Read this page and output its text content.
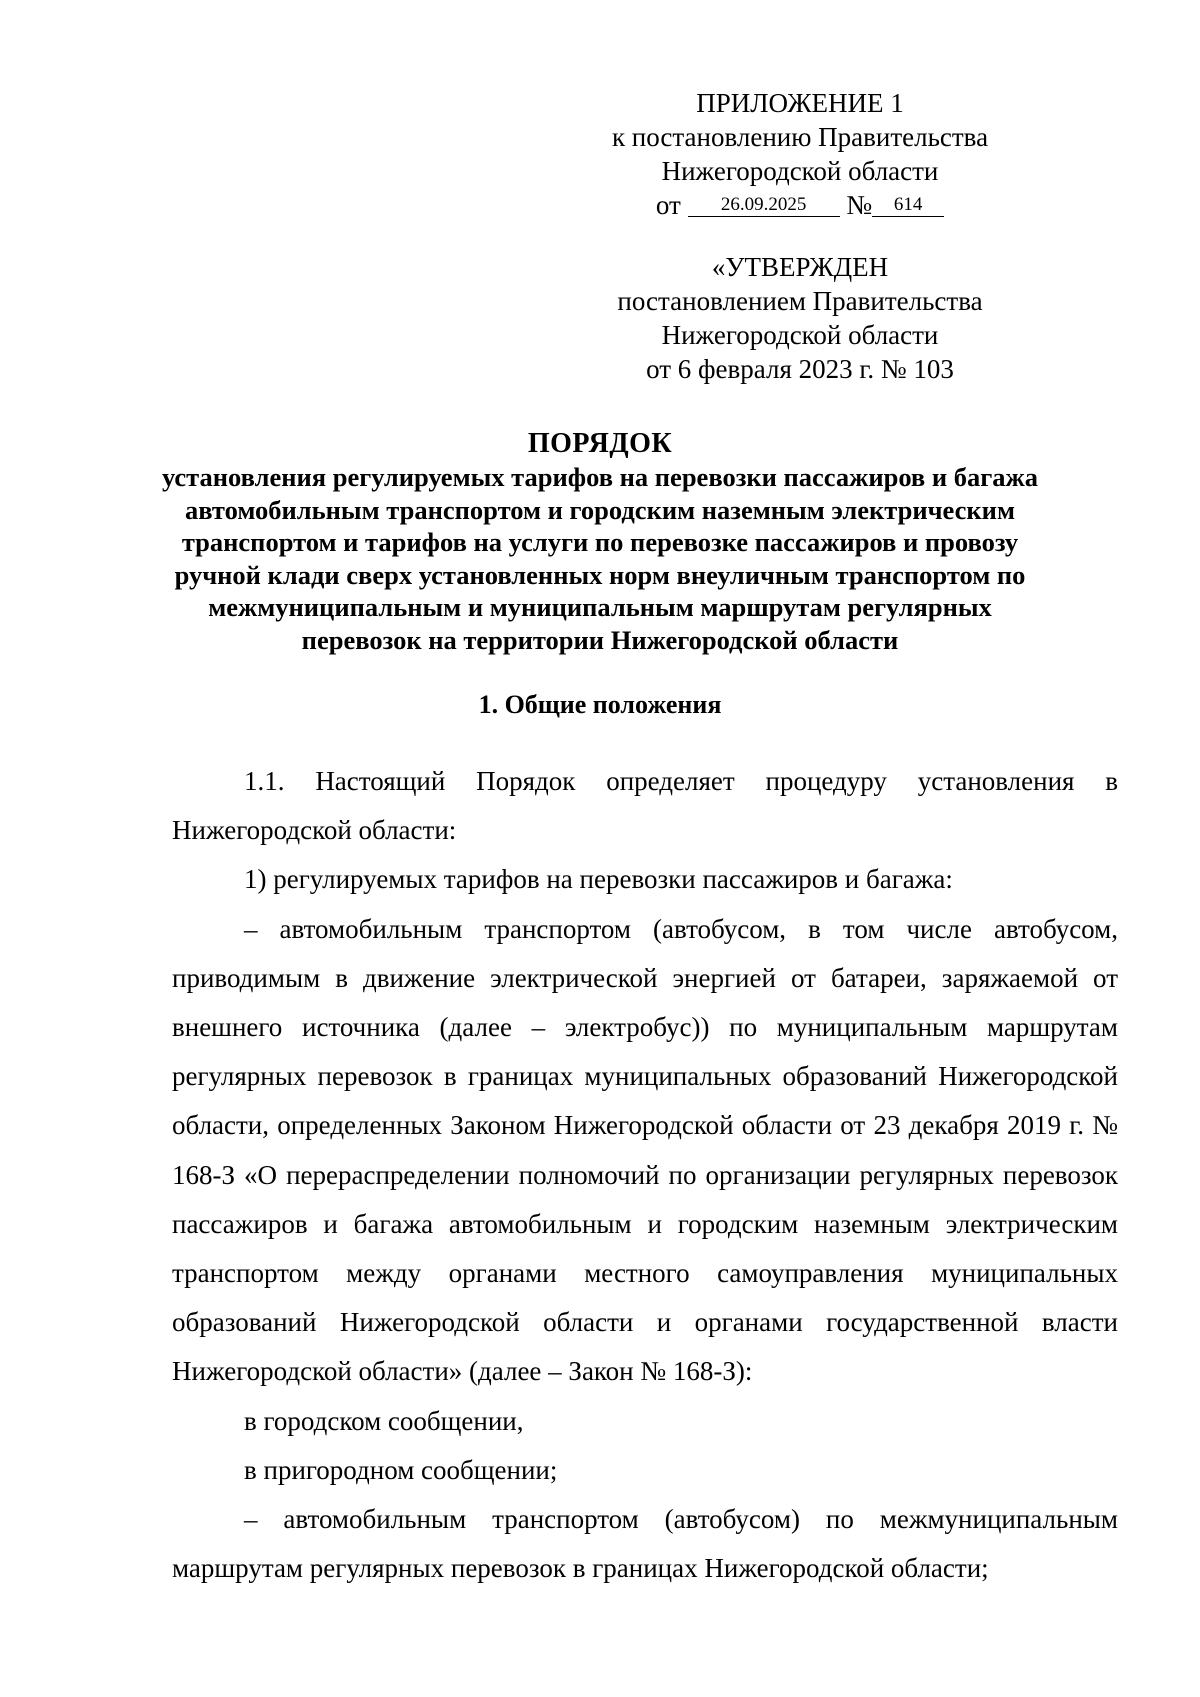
ПРИЛОЖЕНИЕ 1
к постановлению Правительства
Нижегородской области
от 26.09.2025 № 614
«УТВЕРЖДЕН
постановлением Правительства
Нижегородской области
от 6 февраля 2023 г. № 103
ПОРЯДОК
установления регулируемых тарифов на перевозки пассажиров и багажа
автомобильным транспортом и городским наземным электрическим
транспортом и тарифов на услуги по перевозке пассажиров и провозу
ручной клади сверх установленных норм внеуличным транспортом по
межмуниципальным и муниципальным маршрутам регулярных
перевозок на территории Нижегородской области
1. Общие положения

1.1. Настоящий Порядок определяет процедуру установления в Нижегородской области:

1) регулируемых тарифов на перевозки пассажиров и багажа:

– автомобильным транспортом (автобусом, в том числе автобусом, приводимым в движение электрической энергией от батареи, заряжаемой от внешнего источника (далее – электробус)) по муниципальным маршрутам регулярных перевозок в границах муниципальных образований Нижегородской области, определенных Законом Нижегородской области от 23 декабря 2019 г. № 168-З «О перераспределении полномочий по организации регулярных перевозок пассажиров и багажа автомобильным и городским наземным электрическим транспортом между органами местного самоуправления муниципальных образований Нижегородской области и органами государственной власти Нижегородской области» (далее – Закон № 168-З):

в городском сообщении,

в пригородном сообщении;

– автомобильным транспортом (автобусом) по межмуниципальным маршрутам регулярных перевозок в границах Нижегородской области;
